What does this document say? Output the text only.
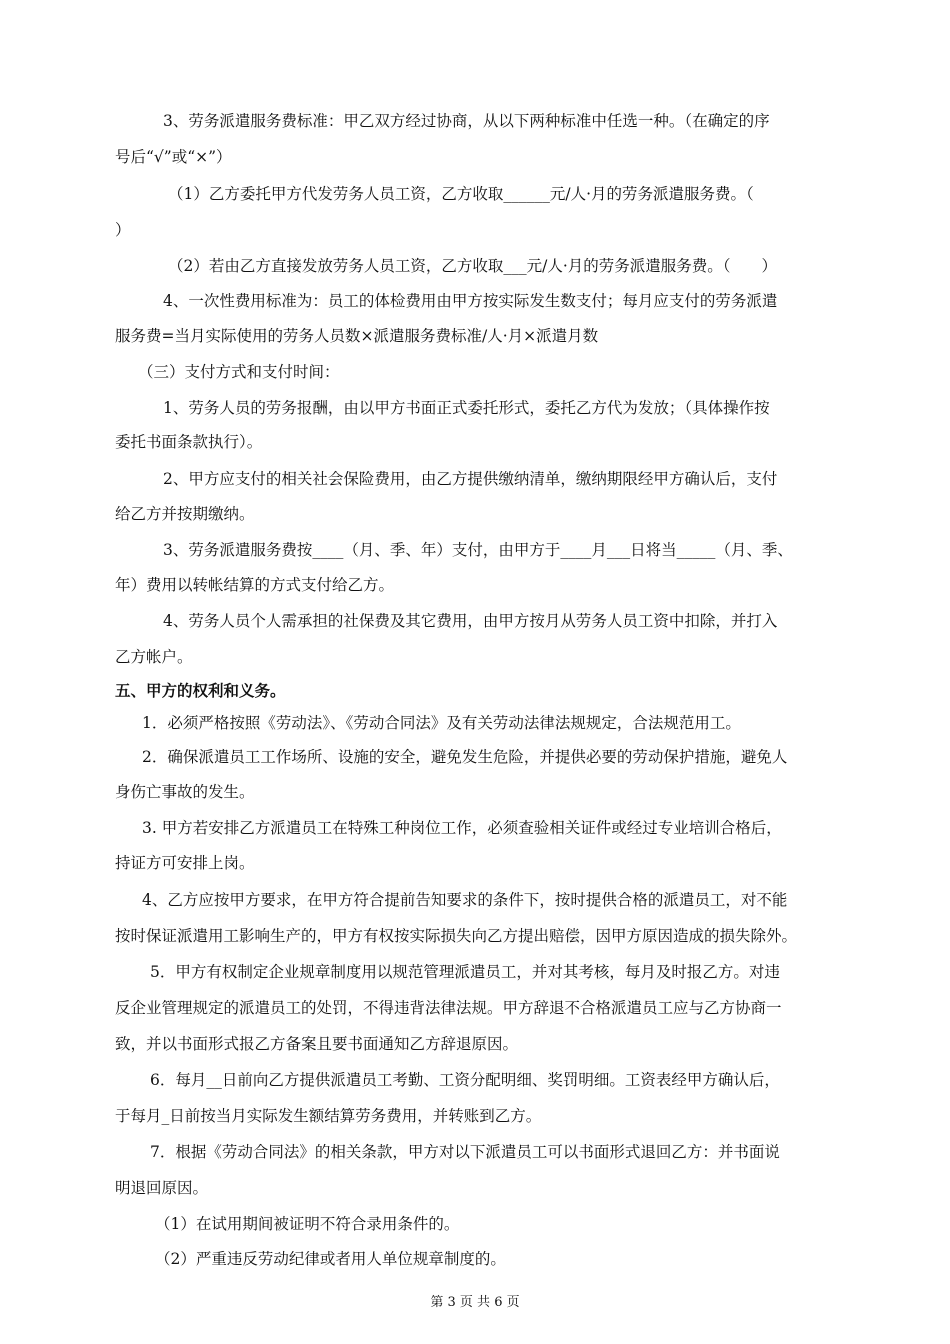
3、劳务派遣服务费标准：甲乙双方经过协商，从以下两种标准中任选一种。（在确定的序
号后“√”或“×”）
（1）乙方委托甲方代发劳务人员工资，乙方收取______元/人·月的劳务派遣服务费。（
）
（2）若由乙方直接发放劳务人员工资，乙方收取___元/人·月的劳务派遣服务费。（　　）
4、一次性费用标准为：员工的体检费用由甲方按实际发生数支付；每月应支付的劳务派遣
服务费=当月实际使用的劳务人员数×派遣服务费标准/人·月×派遣月数
（三）支付方式和支付时间：
1、劳务人员的劳务报酬，由以甲方书面正式委托形式，委托乙方代为发放；（具体操作按
委托书面条款执行）。
2、甲方应支付的相关社会保险费用，由乙方提供缴纳清单，缴纳期限经甲方确认后，支付
给乙方并按期缴纳。
3、劳务派遣服务费按____（月、季、年）支付，由甲方于____月___日将当_____（月、季、
年）费用以转帐结算的方式支付给乙方。
4、劳务人员个人需承担的社保费及其它费用，由甲方按月从劳务人员工资中扣除，并打入
乙方帐户。
五、甲方的权利和义务。
1．必须严格按照《劳动法》、《劳动合同法》及有关劳动法律法规规定，合法规范用工。
2．确保派遣员工工作场所、设施的安全，避免发生危险，并提供必要的劳动保护措施，避免人
身伤亡事故的发生。
3. 甲方若安排乙方派遣员工在特殊工种岗位工作，必须查验相关证件或经过专业培训合格后，
持证方可安排上岗。
4、乙方应按甲方要求，在甲方符合提前告知要求的条件下，按时提供合格的派遣员工，对不能
按时保证派遣用工影响生产的，甲方有权按实际损失向乙方提出赔偿，因甲方原因造成的损失除外。
5．甲方有权制定企业规章制度用以规范管理派遣员工，并对其考核，每月及时报乙方。对违
反企业管理规定的派遣员工的处罚，不得违背法律法规。甲方辞退不合格派遣员工应与乙方协商一
致，并以书面形式报乙方备案且要书面通知乙方辞退原因。
6．每月__日前向乙方提供派遣员工考勤、工资分配明细、奖罚明细。工资表经甲方确认后，
于每月_日前按当月实际发生额结算劳务费用，并转账到乙方。
7．根据《劳动合同法》的相关条款，甲方对以下派遣员工可以书面形式退回乙方：并书面说
明退回原因。
（1）在试用期间被证明不符合录用条件的。
（2）严重违反劳动纪律或者用人单位规章制度的。
第 3 页 共 6 页
